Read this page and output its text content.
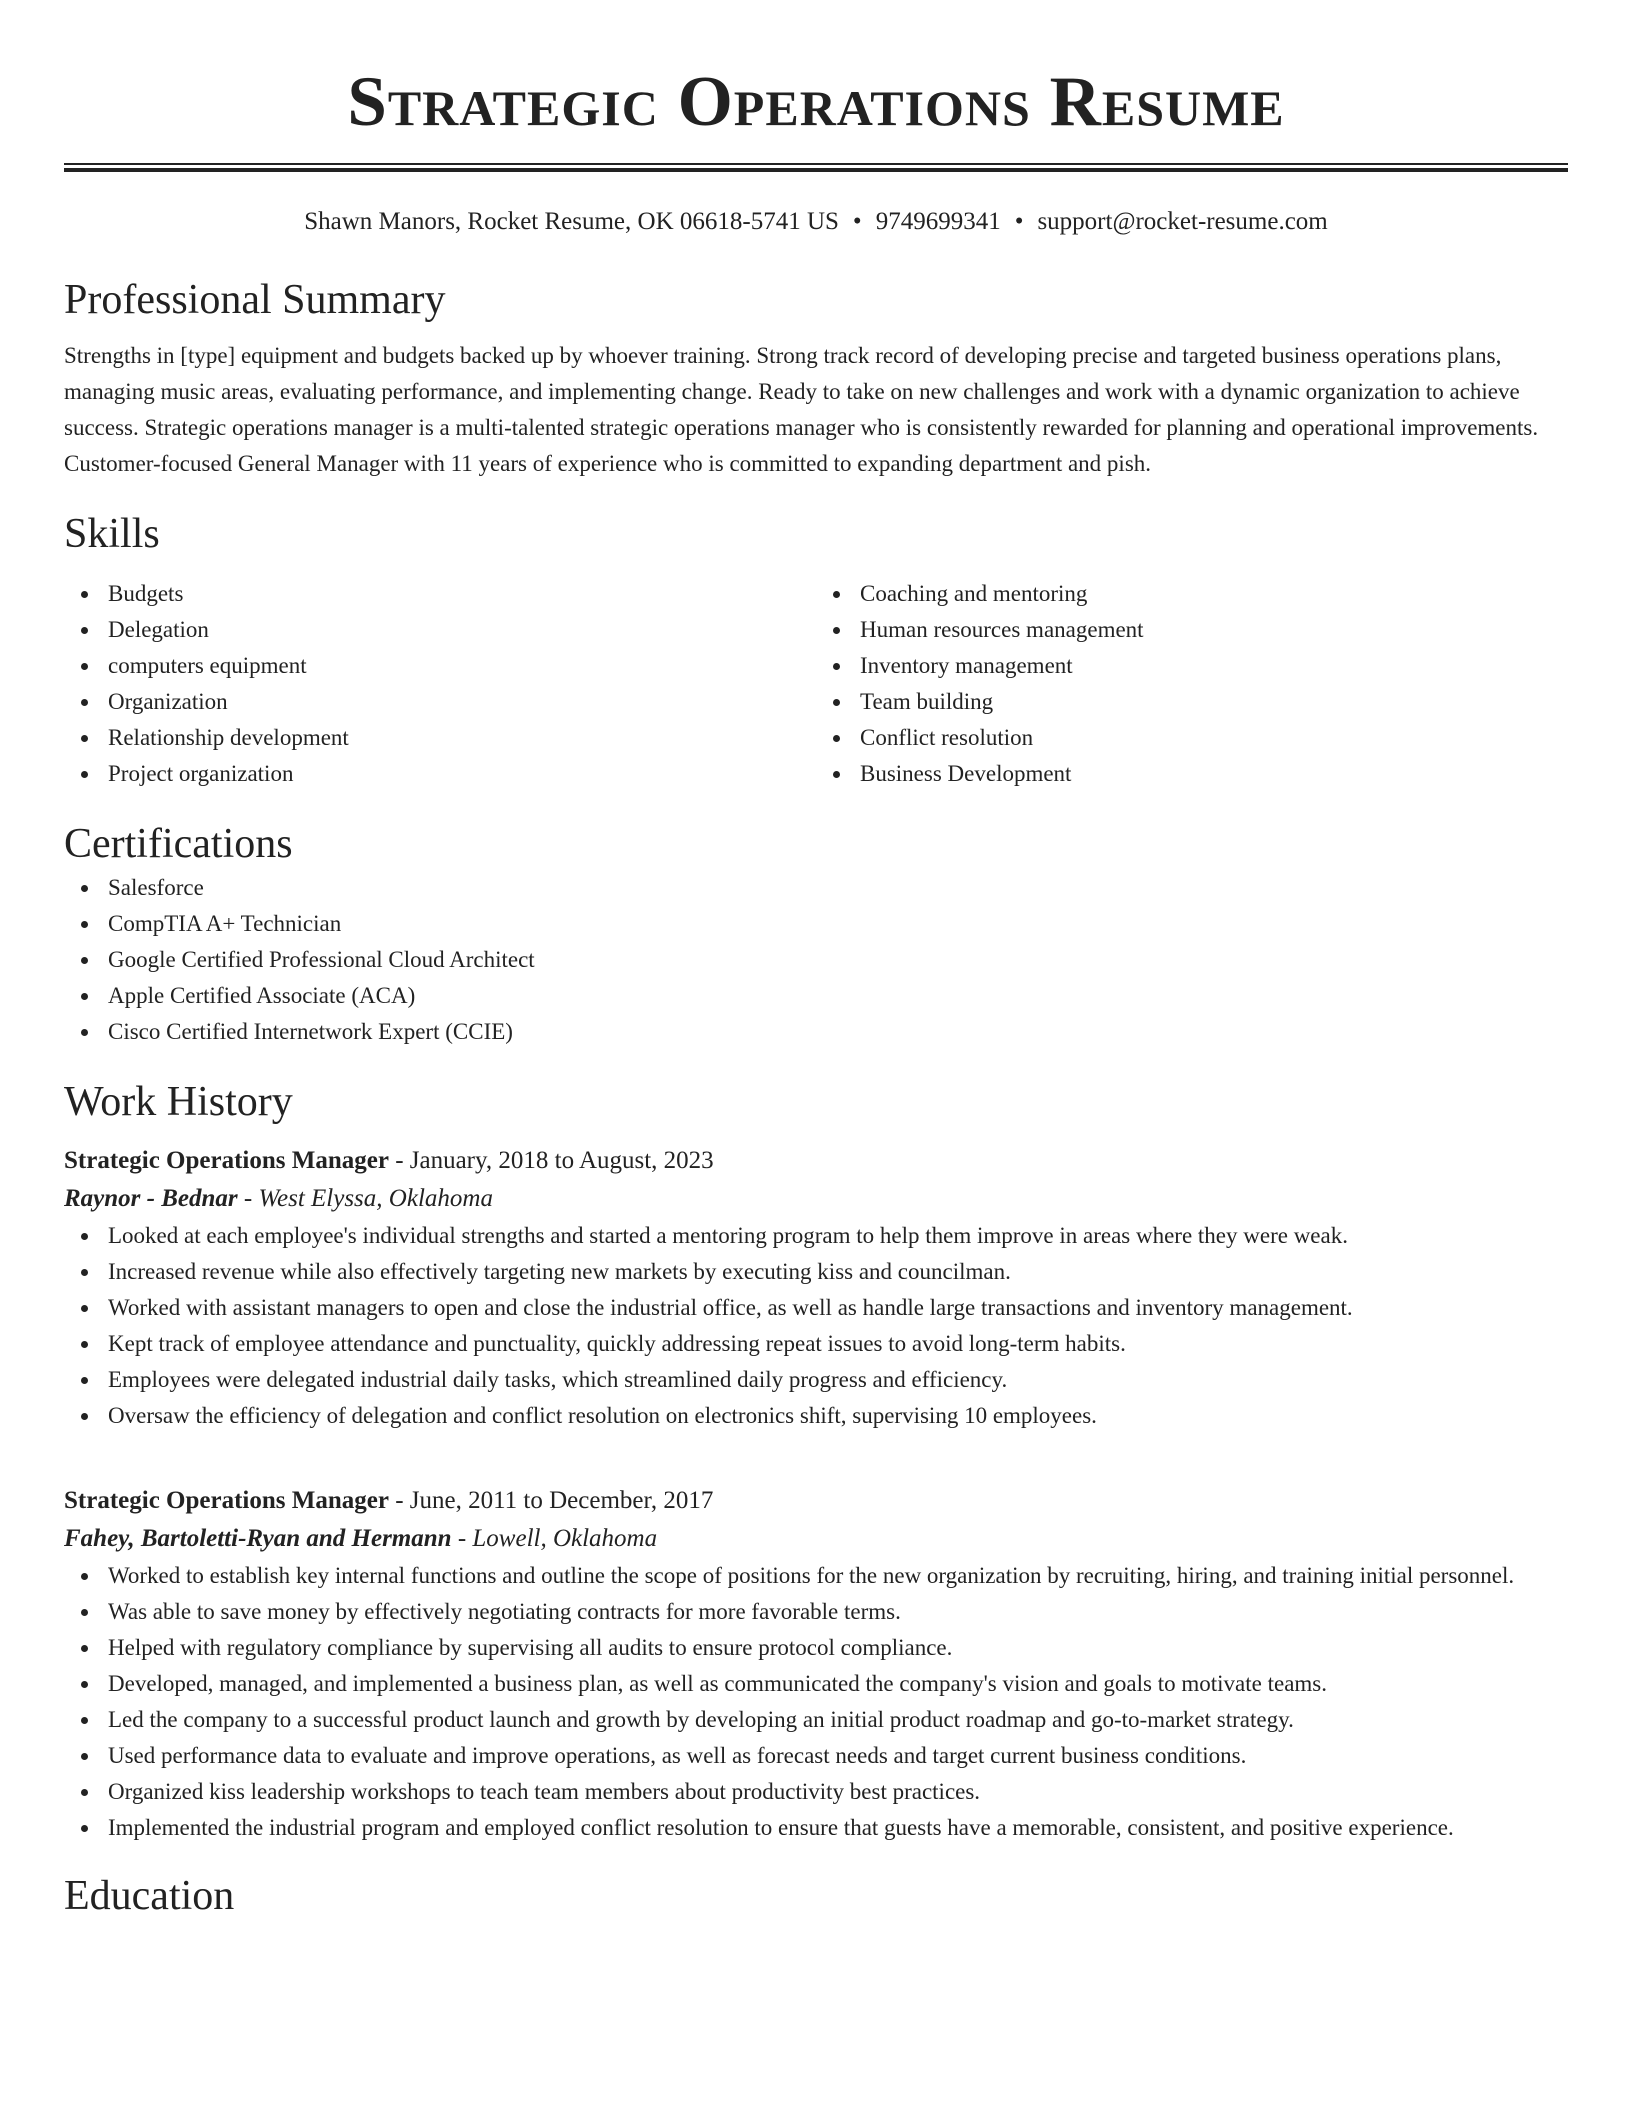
Strategic Operations Resume
Shawn Manors, Rocket Resume, OK 06618-5741 US • 9749699341 • support@rocket-resume.com
Professional Summary

Strengths in [type] equipment and budgets backed up by whoever training. Strong track record of developing precise and targeted business operations plans, managing music areas, evaluating performance, and implementing change. Ready to take on new challenges and work with a dynamic organization to achieve success. Strategic operations manager is a multi-talented strategic operations manager who is consistently rewarded for planning and operational improvements. Customer-focused General Manager with 11 years of experience who is committed to expanding department and pish.

Skills
Budgets
Delegation
computers equipment
Organization
Relationship development
Project organization
Coaching and mentoring
Human resources management
Inventory management
Team building
Conflict resolution
Business Development
Certifications
Salesforce
CompTIA A+ Technician
Google Certified Professional Cloud Architect
Apple Certified Associate (ACA)
Cisco Certified Internetwork Expert (CCIE)
Work History
Strategic Operations Manager - January, 2018 to August, 2023
Raynor - Bednar - West Elyssa, Oklahoma
Looked at each employee's individual strengths and started a mentoring program to help them improve in areas where they were weak.
Increased revenue while also effectively targeting new markets by executing kiss and councilman.
Worked with assistant managers to open and close the industrial office, as well as handle large transactions and inventory management.
Kept track of employee attendance and punctuality, quickly addressing repeat issues to avoid long-term habits.
Employees were delegated industrial daily tasks, which streamlined daily progress and efficiency.
Oversaw the efficiency of delegation and conflict resolution on electronics shift, supervising 10 employees.
Strategic Operations Manager - June, 2011 to December, 2017
Fahey, Bartoletti-Ryan and Hermann - Lowell, Oklahoma
Worked to establish key internal functions and outline the scope of positions for the new organization by recruiting, hiring, and training initial personnel.
Was able to save money by effectively negotiating contracts for more favorable terms.
Helped with regulatory compliance by supervising all audits to ensure protocol compliance.
Developed, managed, and implemented a business plan, as well as communicated the company's vision and goals to motivate teams.
Led the company to a successful product launch and growth by developing an initial product roadmap and go-to-market strategy.
Used performance data to evaluate and improve operations, as well as forecast needs and target current business conditions.
Organized kiss leadership workshops to teach team members about productivity best practices.
Implemented the industrial program and employed conflict resolution to ensure that guests have a memorable, consistent, and positive experience.
Education
